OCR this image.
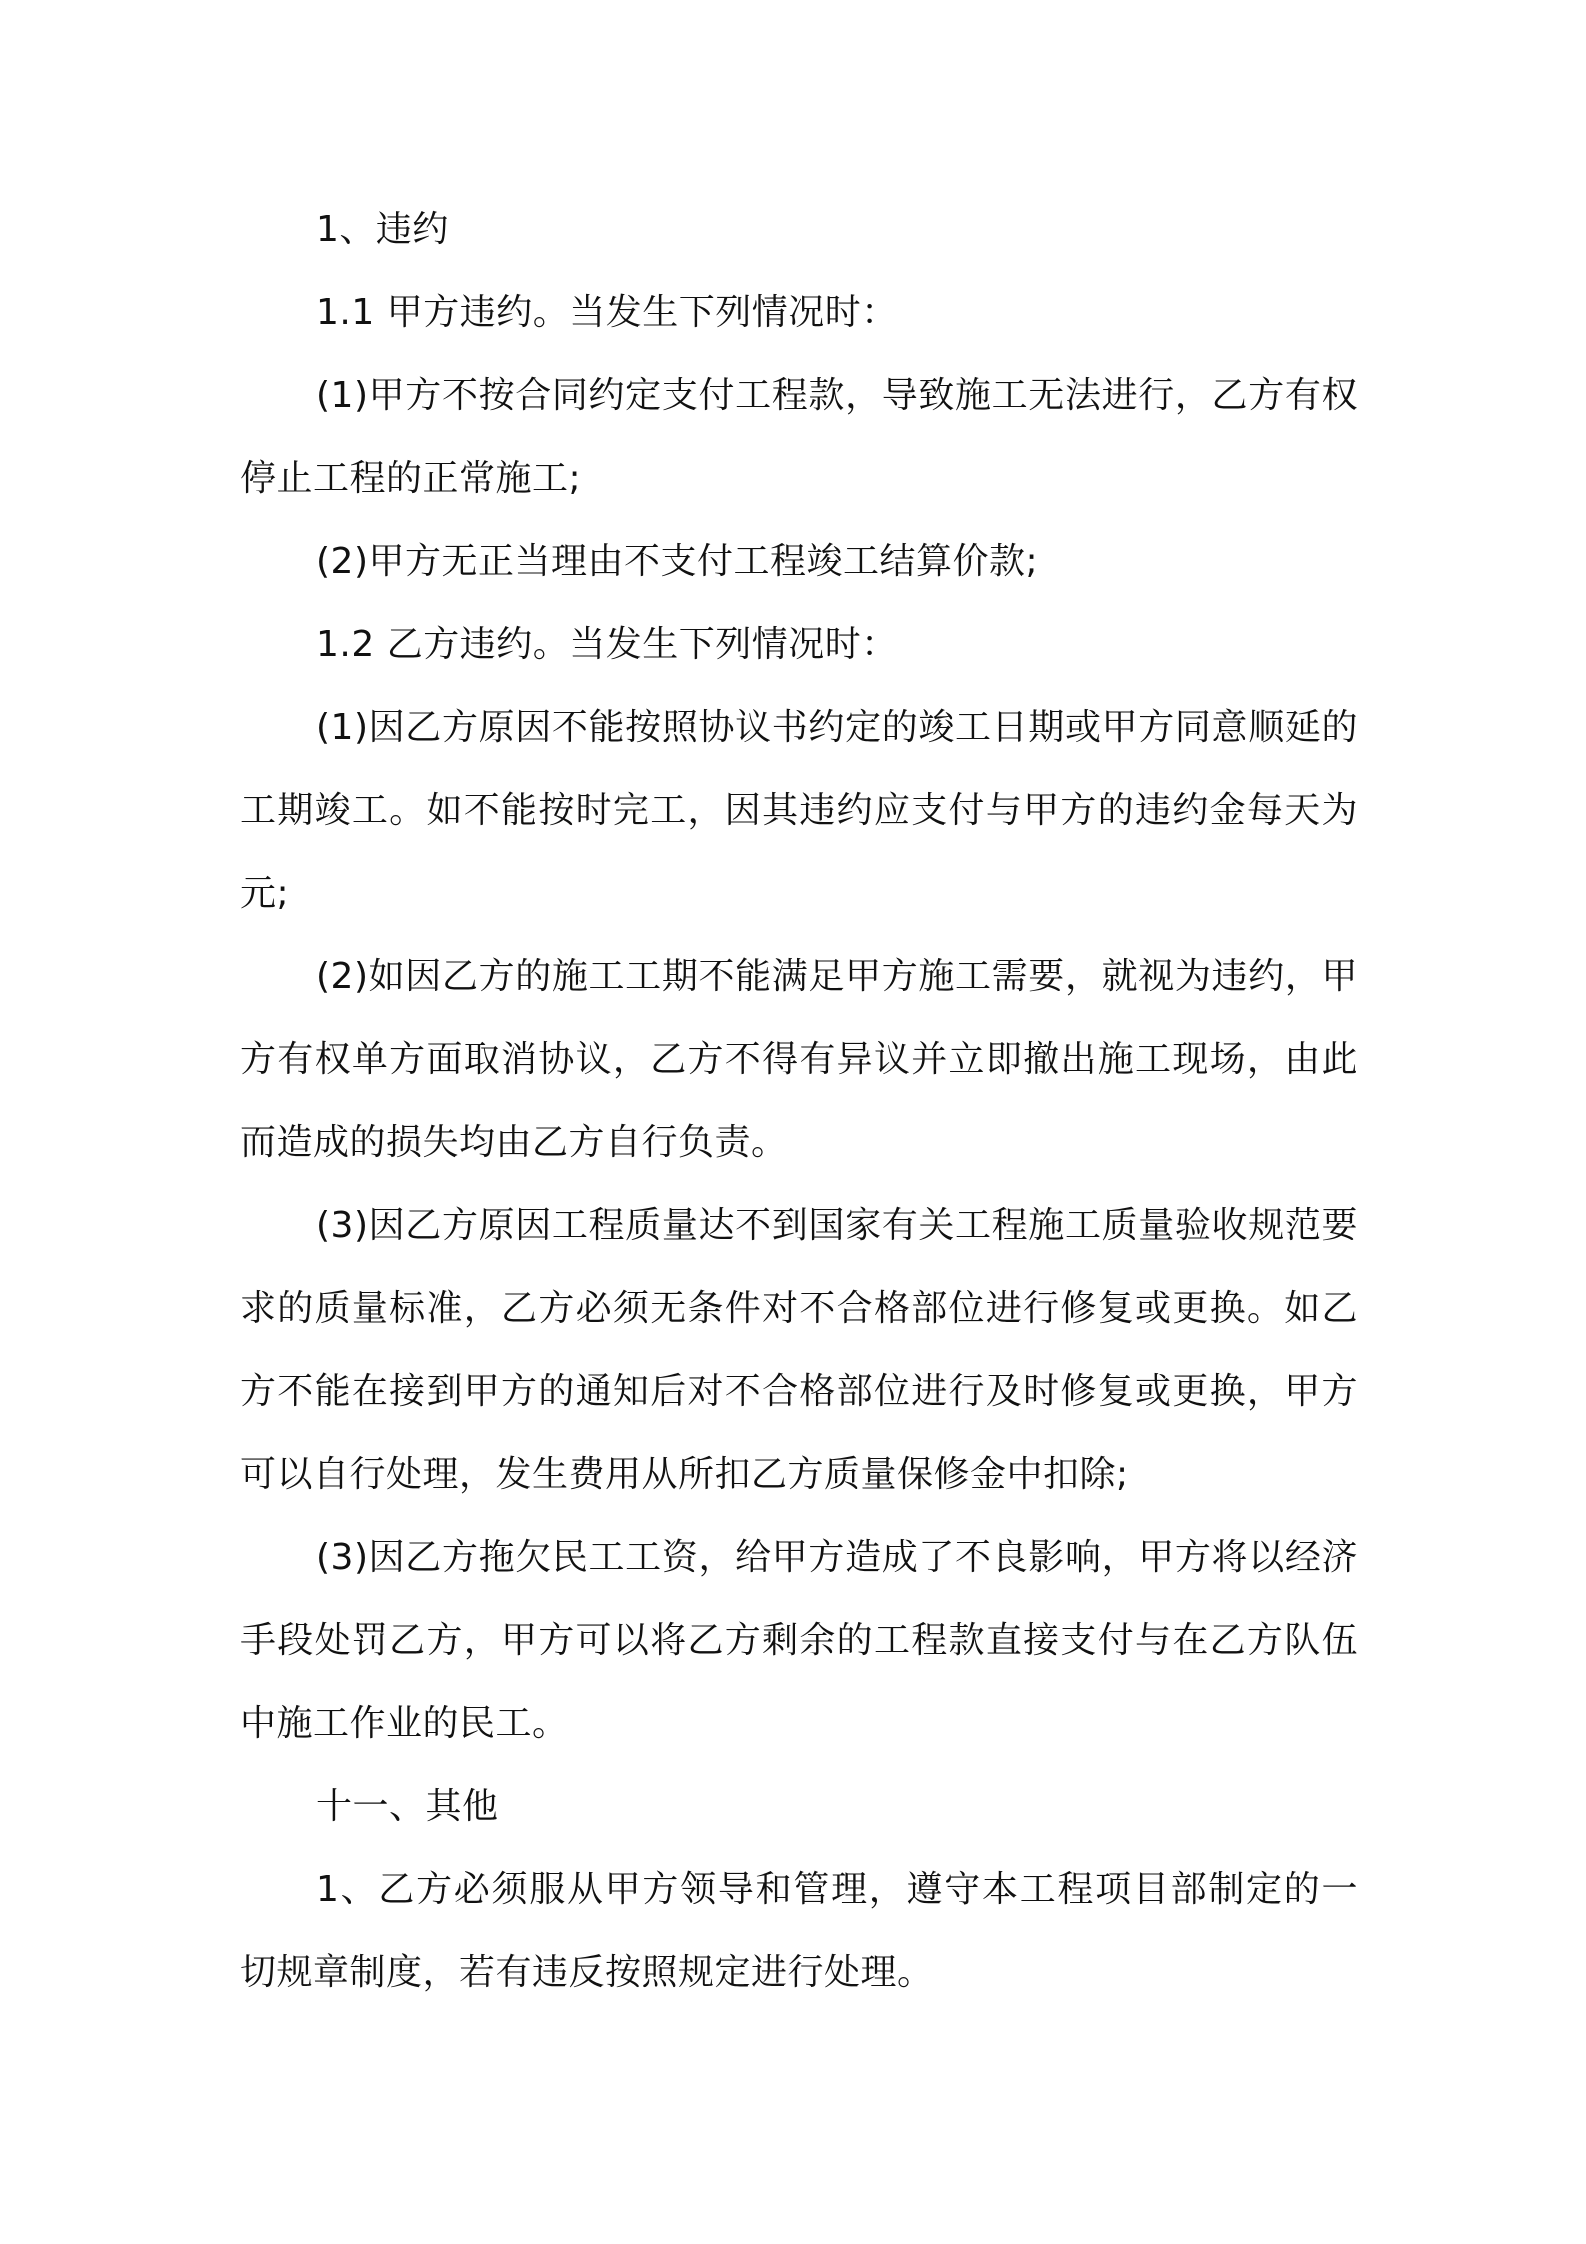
1、违约

1.1 甲方违约。当发生下列情况时：

(1)甲方不按合同约定支付工程款，导致施工无法进行，乙方有权停止工程的正常施工;

(2)甲方无正当理由不支付工程竣工结算价款;

1.2 乙方违约。当发生下列情况时：

(1)因乙方原因不能按照协议书约定的竣工日期或甲方同意顺延的工期竣工。如不能按时完工，因其违约应支付与甲方的违约金每天为元;

(2)如因乙方的施工工期不能满足甲方施工需要，就视为违约，甲方有权单方面取消协议，乙方不得有异议并立即撤出施工现场，由此而造成的损失均由乙方自行负责。

(3)因乙方原因工程质量达不到国家有关工程施工质量验收规范要求的质量标准，乙方必须无条件对不合格部位进行修复或更换。如乙方不能在接到甲方的通知后对不合格部位进行及时修复或更换，甲方可以自行处理，发生费用从所扣乙方质量保修金中扣除;

(3)因乙方拖欠民工工资，给甲方造成了不良影响，甲方将以经济手段处罚乙方，甲方可以将乙方剩余的工程款直接支付与在乙方队伍中施工作业的民工。

十一、其他

1、乙方必须服从甲方领导和管理，遵守本工程项目部制定的一切规章制度，若有违反按照规定进行处理。
